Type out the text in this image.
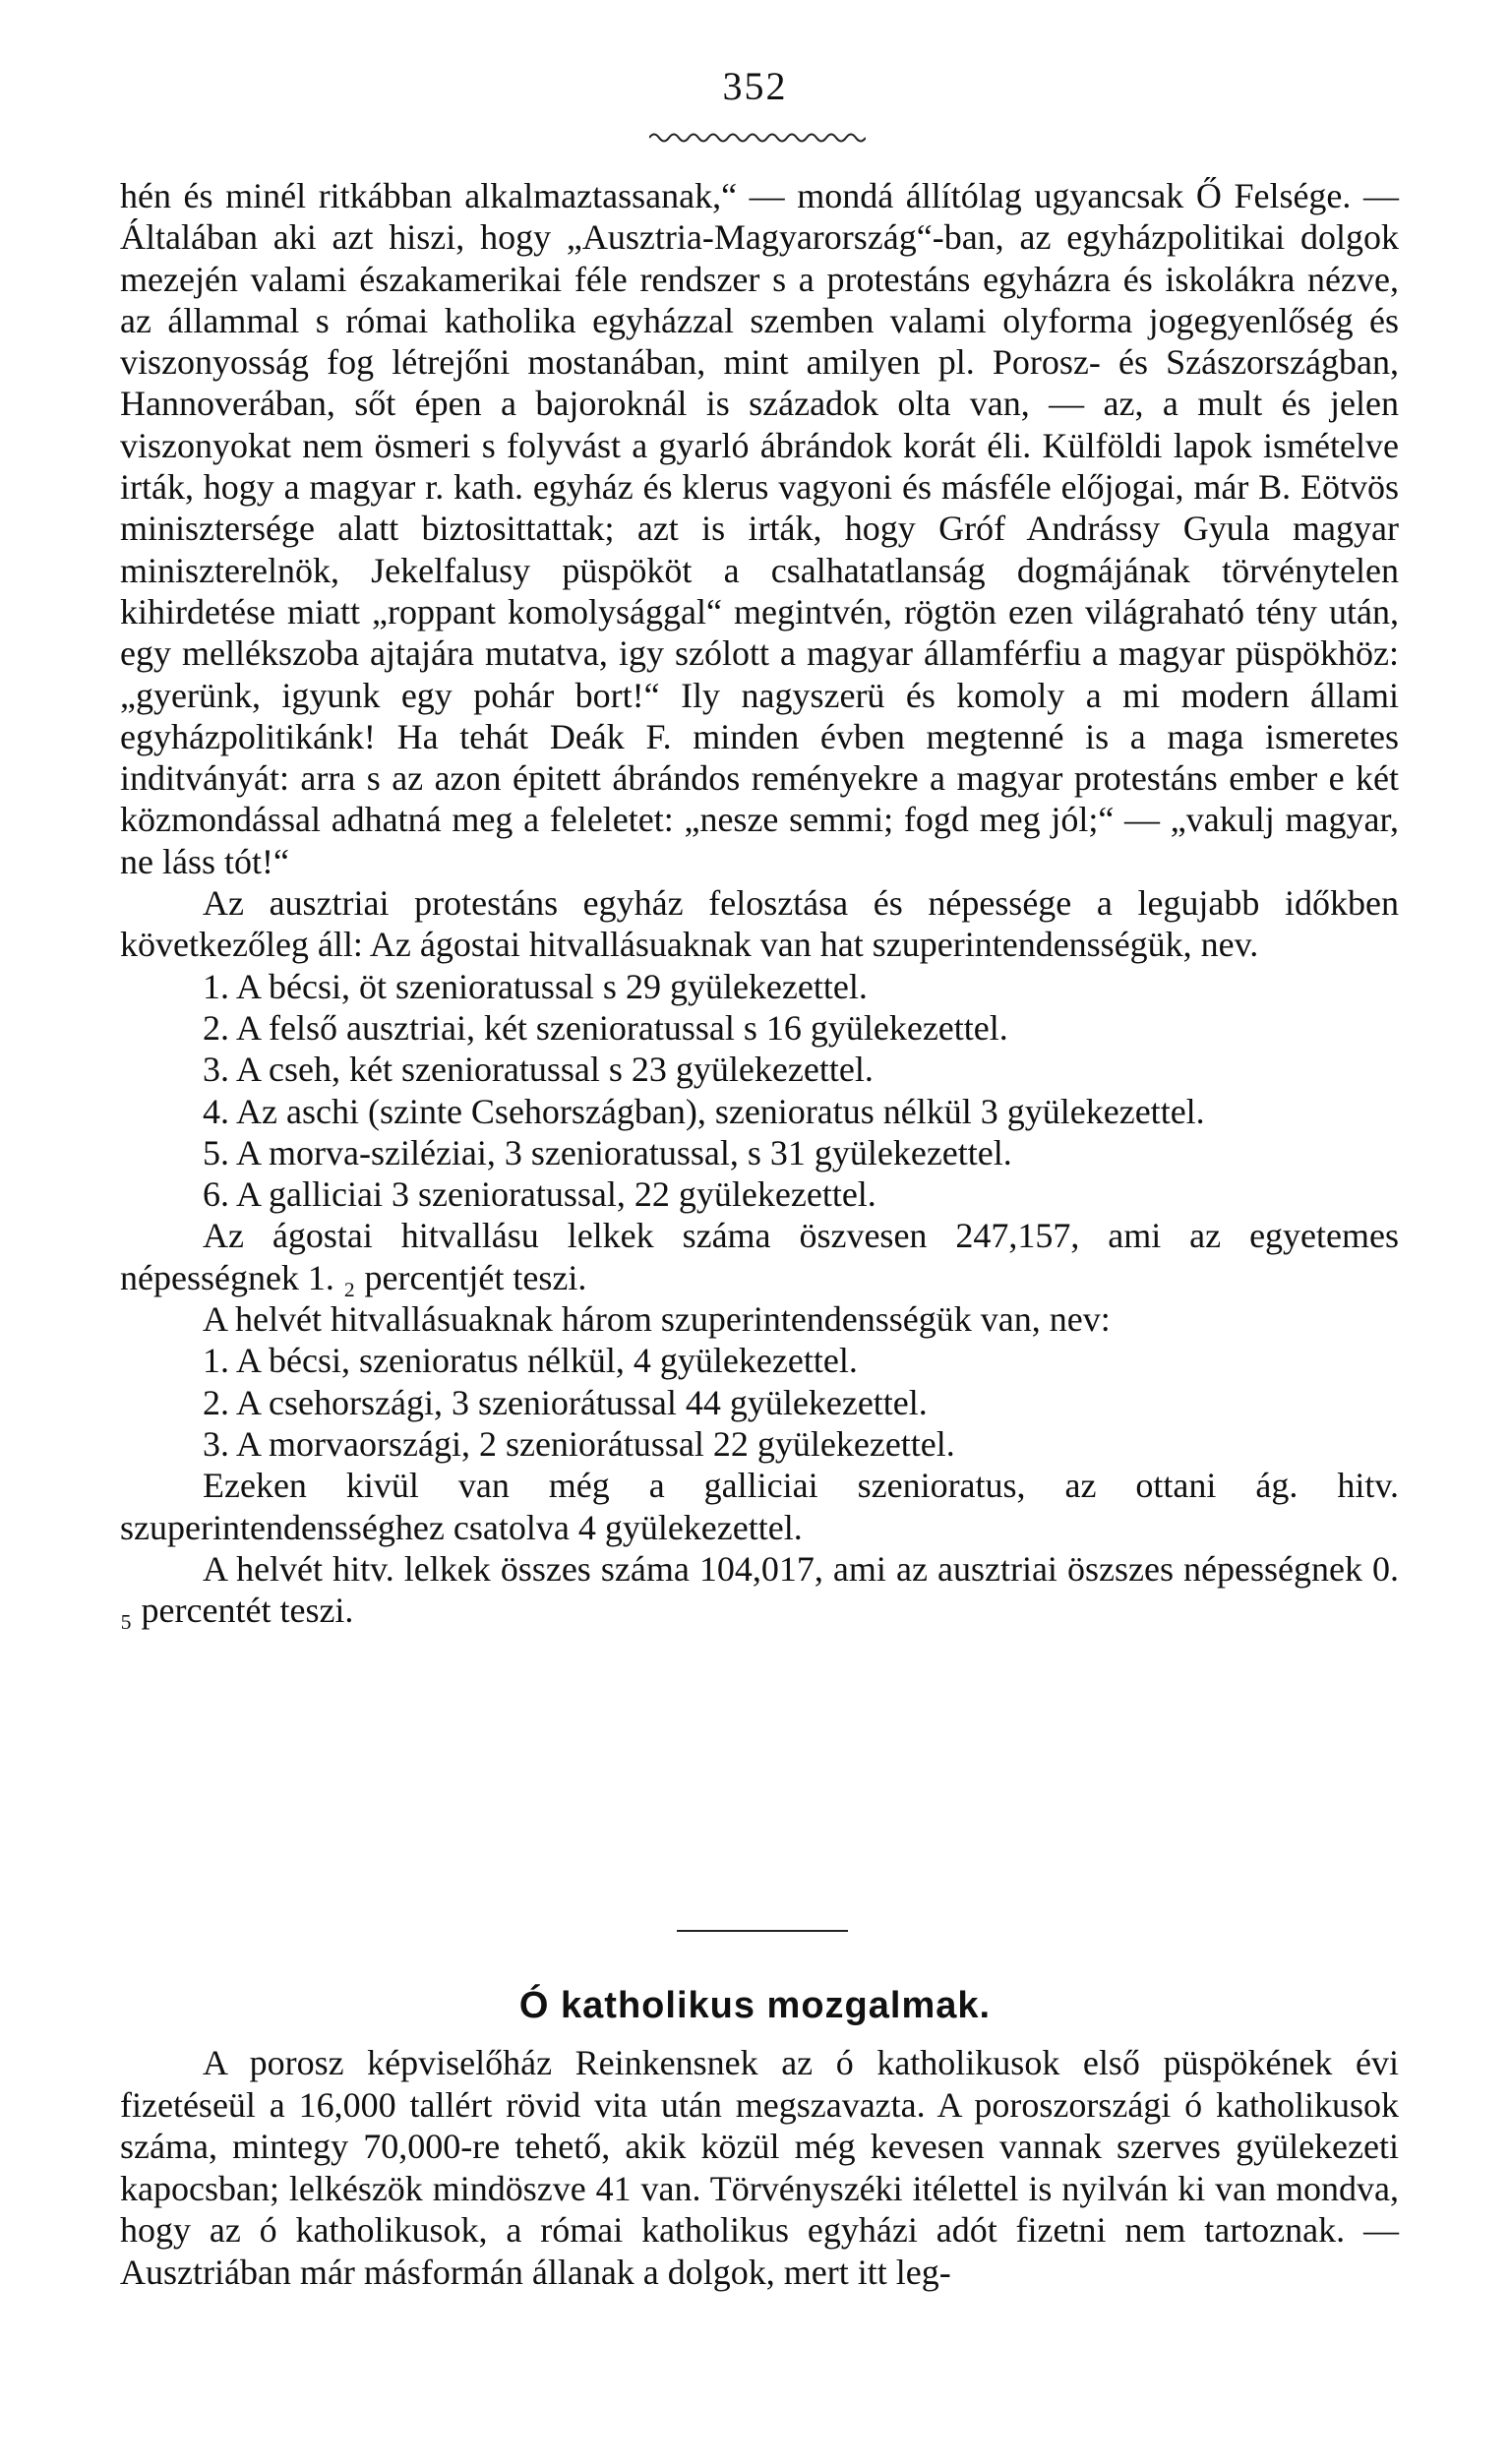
352

hén és minél ritkábban alkalmaztassanak,“ — mondá állítólag ugyancsak Ő Felsége. — Általában aki azt hiszi, hogy „Ausztria-Magyarország“-ban, az egyházpolitikai dolgok mezején valami északamerikai féle rendszer s a protestáns egyházra és iskolákra nézve, az állammal s római katholika egyházzal szemben valami olyforma jogegyenlőség és viszonyosság fog létrejőni mostanában, mint amilyen pl. Porosz- és Szászországban, Hannoverában, sőt épen a bajoroknál is századok olta van, — az, a mult és jelen viszonyokat nem ösmeri s folyvást a gyarló ábrándok korát éli. Külföldi lapok ismételve irták, hogy a magyar r. kath. egyház és klerus vagyoni és másféle előjogai, már B. Eötvös minisztersége alatt biztosittattak; azt is irták, hogy Gróf Andrássy Gyula magyar miniszterelnök, Jekelfalusy püspököt a csalhatatlanság dogmájának törvénytelen kihirdetése miatt „roppant komolysággal“ megintvén, rögtön ezen világraható tény után, egy mellékszoba ajtajára mutatva, igy szólott a magyar államférfiu a magyar püspökhöz: „gyerünk, igyunk egy pohár bort!“ Ily nagyszerü és komoly a mi modern állami egyházpolitikánk! Ha tehát Deák F. minden évben megtenné is a maga ismeretes inditványát: arra s az azon épitett ábrándos reményekre a magyar protestáns ember e két közmondással adhatná meg a feleletet: „nesze semmi; fogd meg jól;“ — „vakulj magyar, ne láss tót!“

Az ausztriai protestáns egyház felosztása és népessége a legujabb időkben következőleg áll: Az ágostai hitvallásuaknak van hat szuperintendensségük, nev.

1. A bécsi, öt szenioratussal s 29 gyülekezettel.

2. A felső ausztriai, két szenioratussal s 16 gyülekezettel.

3. A cseh, két szenioratussal s 23 gyülekezettel.

4. Az aschi (szinte Csehországban), szenioratus nélkül 3 gyülekezettel.

5. A morva-sziléziai, 3 szenioratussal, s 31 gyülekezettel.

6. A galliciai 3 szenioratussal, 22 gyülekezettel.

Az ágostai hitvallásu lelkek száma öszvesen 247,157, ami az egyetemes népességnek 1. ₂ percentjét teszi.

A helvét hitvallásuaknak három szuperintendensségük van, nev:

1. A bécsi, szenioratus nélkül, 4 gyülekezettel.

2. A csehországi, 3 szeniorátussal 44 gyülekezettel.

3. A morvaországi, 2 szeniorátussal 22 gyülekezettel.

Ezeken kivül van még a galliciai szenioratus, az ottani ág. hitv. szuperintendensséghez csatolva 4 gyülekezettel.

A helvét hitv. lelkek összes száma 104,017, ami az ausztriai öszszes népességnek 0. ₅ percentét teszi.

Ó katholikus mozgalmak.

A porosz képviselőház Reinkensnek az ó katholikusok első püspökének évi fizetéseül a 16,000 tallért rövid vita után megszavazta. A poroszországi ó katholikusok száma, mintegy 70,000-re tehető, akik közül még kevesen vannak szerves gyülekezeti kapocsban; lelkészök mindöszve 41 van. Törvényszéki itélettel is nyilván ki van mondva, hogy az ó katholikusok, a római katholikus egyházi adót fizetni nem tartoznak. — Ausztriában már másformán állanak a dolgok, mert itt leg-
